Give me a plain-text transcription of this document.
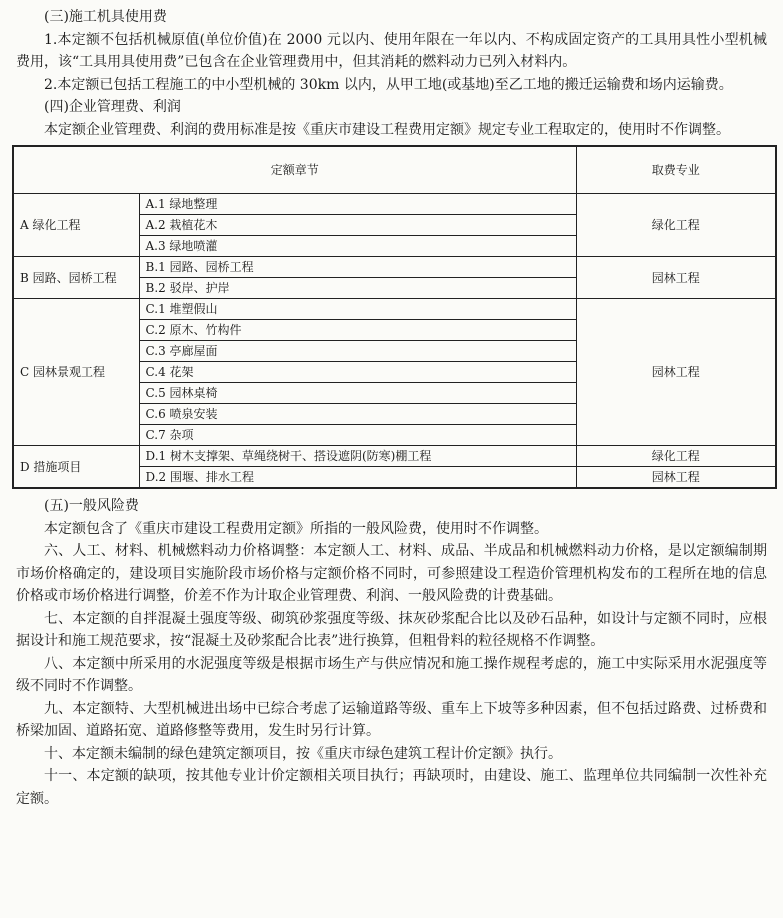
(三)施工机具使用费

1.本定额不包括机械原值(单位价值)在 2000 元以内、使用年限在一年以内、不构成固定资产的工具用具性小型机械费用，该“工具用具使用费”已包含在企业管理费用中，但其消耗的燃料动力已列入材料内。

2.本定额已包括工程施工的中小型机械的 30km 以内，从甲工地(或基地)至乙工地的搬迁运输费和场内运输费。

(四)企业管理费、利润

本定额企业管理费、利润的费用标准是按《重庆市建设工程费用定额》规定专业工程取定的，使用时不作调整。

定额章节		取费专业
A 绿化工程	A.1 绿地整理	绿化工程
	A.2 栽植花木	
	A.3 绿地喷灌	
B 园路、园桥工程	B.1 园路、园桥工程	园林工程
	B.2 驳岸、护岸	
C 园林景观工程	C.1 堆塑假山	园林工程
	C.2 原木、竹构件	
	C.3 亭廊屋面	
	C.4 花架	
	C.5 园林桌椅	
	C.6 喷泉安装	
	C.7 杂项	
D 措施项目	D.1 树木支撑架、草绳绕树干、搭设遮阴(防寒)棚工程	绿化工程
	D.2 围堰、排水工程	园林工程

(五)一般风险费

本定额包含了《重庆市建设工程费用定额》所指的一般风险费，使用时不作调整。

六、人工、材料、机械燃料动力价格调整：本定额人工、材料、成品、半成品和机械燃料动力价格，是以定额编制期市场价格确定的，建设项目实施阶段市场价格与定额价格不同时，可参照建设工程造价管理机构发布的工程所在地的信息价格或市场价格进行调整，价差不作为计取企业管理费、利润、一般风险费的计费基础。

七、本定额的自拌混凝土强度等级、砌筑砂浆强度等级、抹灰砂浆配合比以及砂石品种，如设计与定额不同时，应根据设计和施工规范要求，按“混凝土及砂浆配合比表”进行换算，但粗骨料的粒径规格不作调整。

八、本定额中所采用的水泥强度等级是根据市场生产与供应情况和施工操作规程考虑的，施工中实际采用水泥强度等级不同时不作调整。

九、本定额特、大型机械进出场中已综合考虑了运输道路等级、重车上下坡等多种因素，但不包括过路费、过桥费和桥梁加固、道路拓宽、道路修整等费用，发生时另行计算。

十、本定额未编制的绿色建筑定额项目，按《重庆市绿色建筑工程计价定额》执行。

十一、本定额的缺项，按其他专业计价定额相关项目执行；再缺项时，由建设、施工、监理单位共同编制一次性补充定额。
